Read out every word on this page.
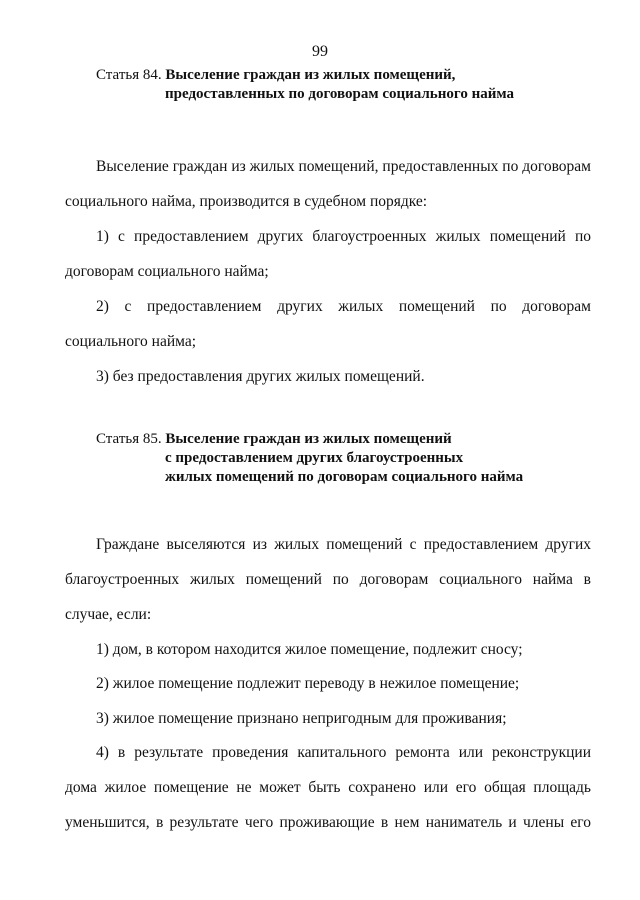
99
Статья 84. Выселение граждан из жилых помещений,
предоставленных по договорам социального найма

Выселение граждан из жилых помещений, предоставленных по договорам социального найма, производится в судебном порядке:

1) с предоставлением других благоустроенных жилых помещений по договорам социального найма;

2) с предоставлением других жилых помещений по договорам социального найма;

3) без предоставления других жилых помещений.

Статья 85. Выселение граждан из жилых помещений
с предоставлением других благоустроенных
жилых помещений по договорам социального найма

Граждане выселяются из жилых помещений с предоставлением других благоустроенных жилых помещений по договорам социального найма в случае, если:

1) дом, в котором находится жилое помещение, подлежит сносу;

2) жилое помещение подлежит переводу в нежилое помещение;

3) жилое помещение признано непригодным для проживания;

4) в результате проведения капитального ремонта или реконструкции дома жилое помещение не может быть сохранено или его общая площадь уменьшится, в результате чего проживающие в нем наниматель и члены его
